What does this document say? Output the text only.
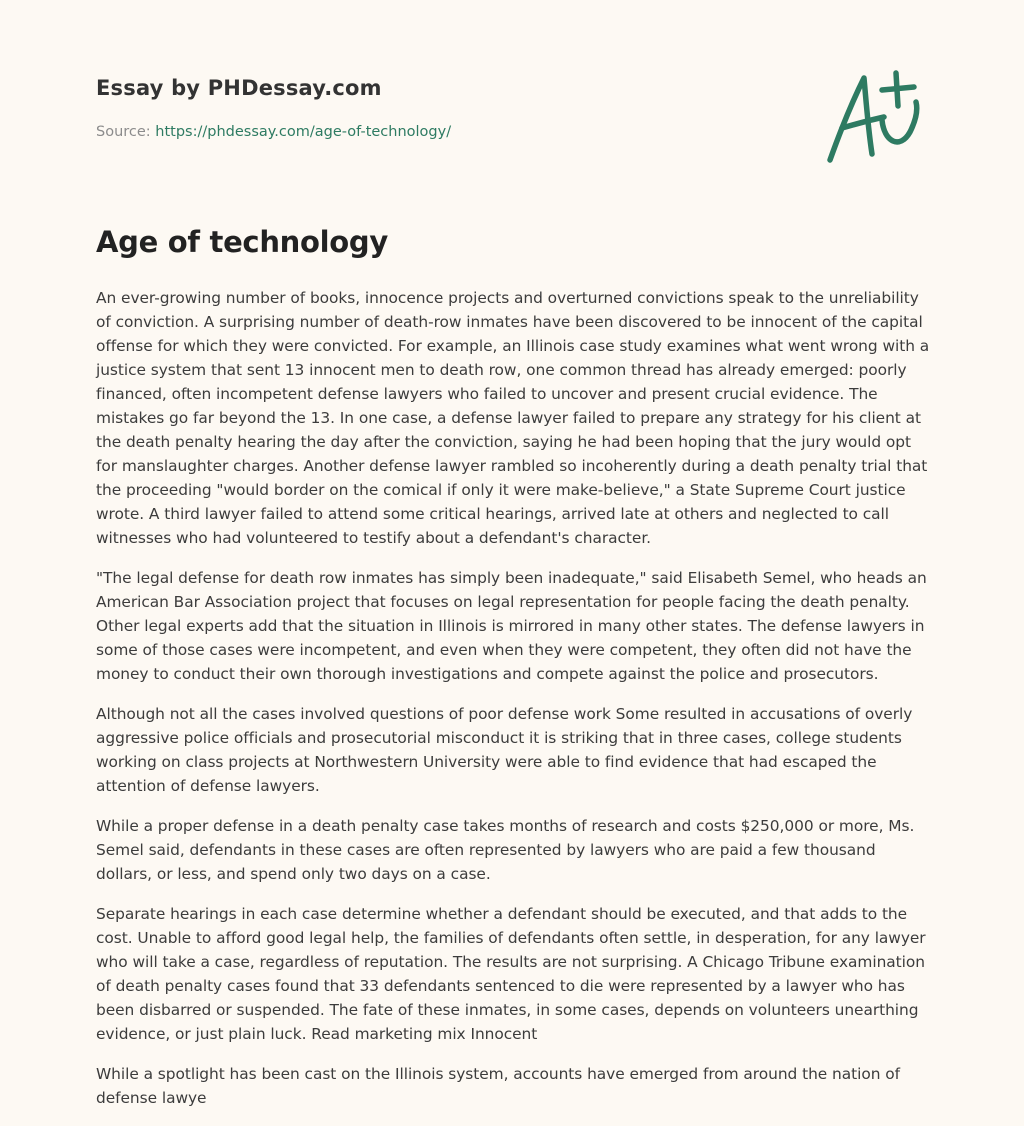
Essay by PHDessay.com
Source: https://phdessay.com/age-of-technology/
Age of technology

An ever-growing number of books, innocence projects and overturned convictions speak to the unreliability of conviction. A surprising number of death-row inmates have been discovered to be innocent of the capital offense for which they were convicted. For example, an Illinois case study examines what went wrong with a justice system that sent 13 innocent men to death row, one common thread has already emerged: poorly financed, often incompetent defense lawyers who failed to uncover and present crucial evidence. The mistakes go far beyond the 13. In one case, a defense lawyer failed to prepare any strategy for his client at the death penalty hearing the day after the conviction, saying he had been hoping that the jury would opt for manslaughter charges. Another defense lawyer rambled so incoherently during a death penalty trial that the proceeding "would border on the comical if only it were make-believe," a State Supreme Court justice wrote. A third lawyer failed to attend some critical hearings, arrived late at others and neglected to call witnesses who had volunteered to testify about a defendant's character.

"The legal defense for death row inmates has simply been inadequate," said Elisabeth Semel, who heads an American Bar Association project that focuses on legal representation for people facing the death penalty. Other legal experts add that the situation in Illinois is mirrored in many other states. The defense lawyers in some of those cases were incompetent, and even when they were competent, they often did not have the money to conduct their own thorough investigations and compete against the police and prosecutors.

Although not all the cases involved questions of poor defense work Some resulted in accusations of overly aggressive police officials and prosecutorial misconduct it is striking that in three cases, college students working on class projects at Northwestern University were able to find evidence that had escaped the attention of defense lawyers.

While a proper defense in a death penalty case takes months of research and costs $250,000 or more, Ms. Semel said, defendants in these cases are often represented by lawyers who are paid a few thousand dollars, or less, and spend only two days on a case.

Separate hearings in each case determine whether a defendant should be executed, and that adds to the cost. Unable to afford good legal help, the families of defendants often settle, in desperation, for any lawyer who will take a case, regardless of reputation. The results are not surprising. A Chicago Tribune examination of death penalty cases found that 33 defendants sentenced to die were represented by a lawyer who has been disbarred or suspended. The fate of these inmates, in some cases, depends on volunteers unearthing evidence, or just plain luck. Read marketing mix Innocent

While a spotlight has been cast on the Illinois system, accounts have emerged from around the nation of defense lawye
